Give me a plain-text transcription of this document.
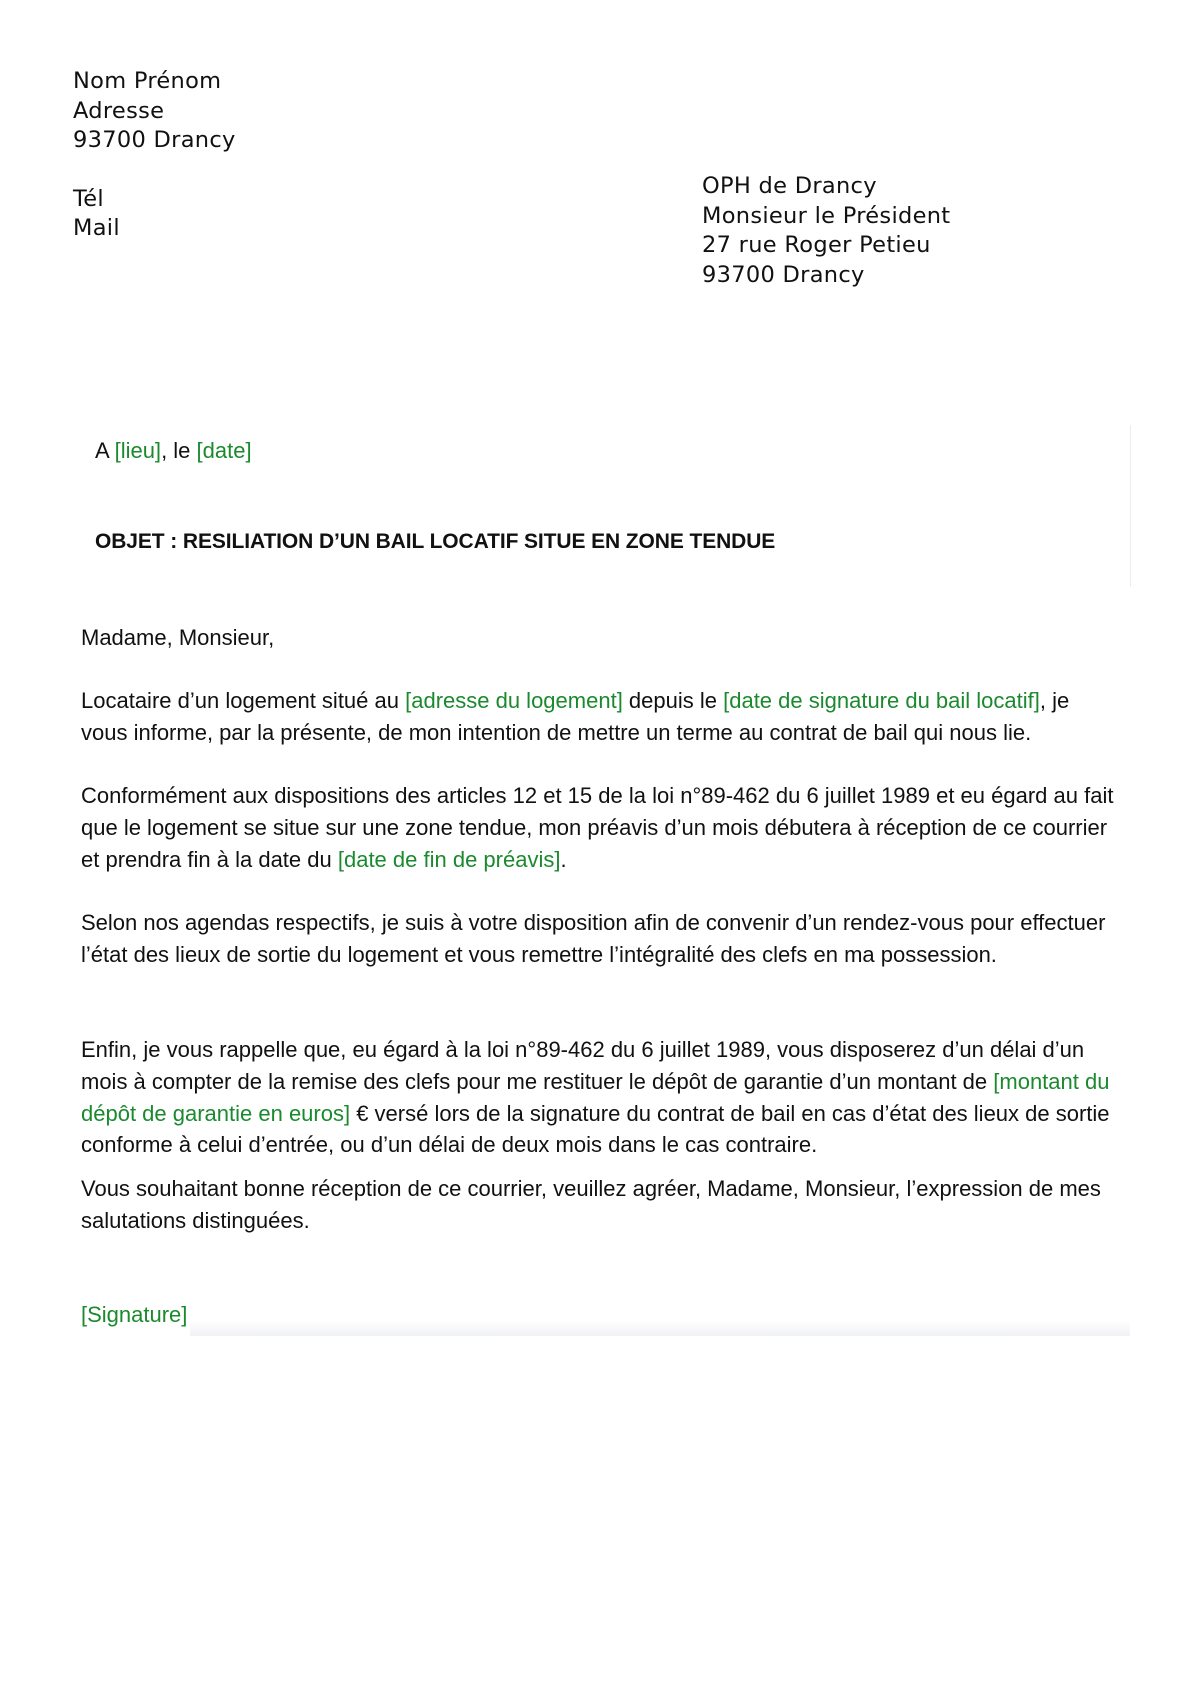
Nom Prénom
Adresse
93700 Drancy
Tél
Mail
OPH de Drancy
Monsieur le Président
27 rue Roger Petieu
93700 Drancy
A [lieu], le [date]
OBJET : RESILIATION D’UN BAIL LOCATIF SITUE EN ZONE TENDUE
Madame, Monsieur,

Locataire d’un logement situé au [adresse du logement] depuis le [date de signature du bail locatif], je vous informe, par la présente, de mon intention de mettre un terme au contrat de bail qui nous lie.

Conformément aux dispositions des articles 12 et 15 de la loi n°89-462 du 6 juillet 1989 et eu égard au fait que le logement se situe sur une zone tendue, mon préavis d’un mois débutera à réception de ce courrier et prendra fin à la date du [date de fin de préavis].

Selon nos agendas respectifs, je suis à votre disposition afin de convenir d’un rendez-vous pour effectuer l’état des lieux de sortie du logement et vous remettre l’intégralité des clefs en ma possession.

Enfin, je vous rappelle que, eu égard à la loi n°89-462 du 6 juillet 1989, vous disposerez d’un délai d’un mois à compter de la remise des clefs pour me restituer le dépôt de garantie d’un montant de [montant du dépôt de garantie en euros] € versé lors de la signature du contrat de bail en cas d’état des lieux de sortie conforme à celui d’entrée, ou d’un délai de deux mois dans le cas contraire.

Vous souhaitant bonne réception de ce courrier, veuillez agréer, Madame, Monsieur, l’expression de mes salutations distinguées.

[Signature]
